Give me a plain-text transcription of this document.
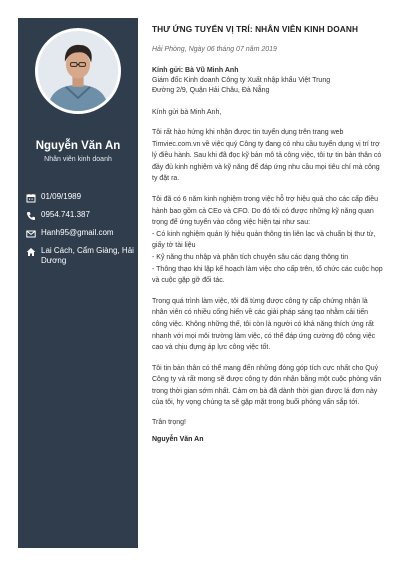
Nguyễn Văn An
Nhân viên kinh doanh
01/09/1989
0954.741.387
Hanh95@gmail.com
Lai Cách, Cẩm Giàng, Hải Dương
THƯ ỨNG TUYỂN VỊ TRÍ: NHÂN VIÊN KINH DOANH
Hải Phòng, Ngày 06 tháng 07 năm 2019
Kính gửi: Bà Vũ Minh Anh
Giám đốc Kinh doanh Công ty Xuất nhập khẩu Việt Trung
Đường 2/9, Quận Hải Châu, Đà Nẵng
Kính gửi bà Minh Anh,
Tôi rất hào hứng khi nhận được tin tuyển dụng trên trang web Timviec.com.vn về việc quý Công ty đang có nhu cầu tuyển dụng vị trí trợ lý điều hành. Sau khi đã đọc kỹ bản mô tả công việc, tôi tự tin bản thân có đầy đủ kinh nghiệm và kỹ năng để đáp ứng nhu cầu mọi tiêu chí mà công ty đặt ra.
Tôi đã có 6 năm kinh nghiệm trong việc hỗ trợ hiệu quả cho các cấp điều hành bao gồm cả CEo và CFO. Do đó tôi có được những kỹ năng quan trọng để ứng tuyển vào công việc hiện tại như sau:
- Có kinh nghiệm quản lý hiệu quản thông tin liên lạc và chuẩn bị thư từ, giấy tờ tài liệu
- Kỹ năng thu nhập và phân tích chuyên sâu các dạng thông tin
- Thông thạo khi lập kế hoạch làm việc cho cấp trên, tổ chức các cuộc họp và cuộc gặp gỡ đối tác.
Trong quá trình làm việc, tôi đã từng được công ty cấp chứng nhận là nhân viên có nhiều cống hiến về các giải pháp sáng tạo nhằm cải tiến công việc. Không những thế, tôi còn là người có khả năng thích ứng rất nhanh với mọi môi trường làm việc, có thể đáp ứng cường độ công việc cao và chịu đựng áp lực công việc tốt.
Tôi tin bản thân có thể mang đến những đóng góp tích cực nhất cho Quý Công ty và rất mong sẽ được công ty đón nhận bằng một cuộc phỏng vấn trong thời gian sớm nhất. Cảm ơn bà đã dành thời gian được lá đơn này của tôi, hy vọng chúng ta sẽ gặp mặt trong buổi phỏng vấn sắp tới.
Trân trọng!
Nguyễn Văn An
